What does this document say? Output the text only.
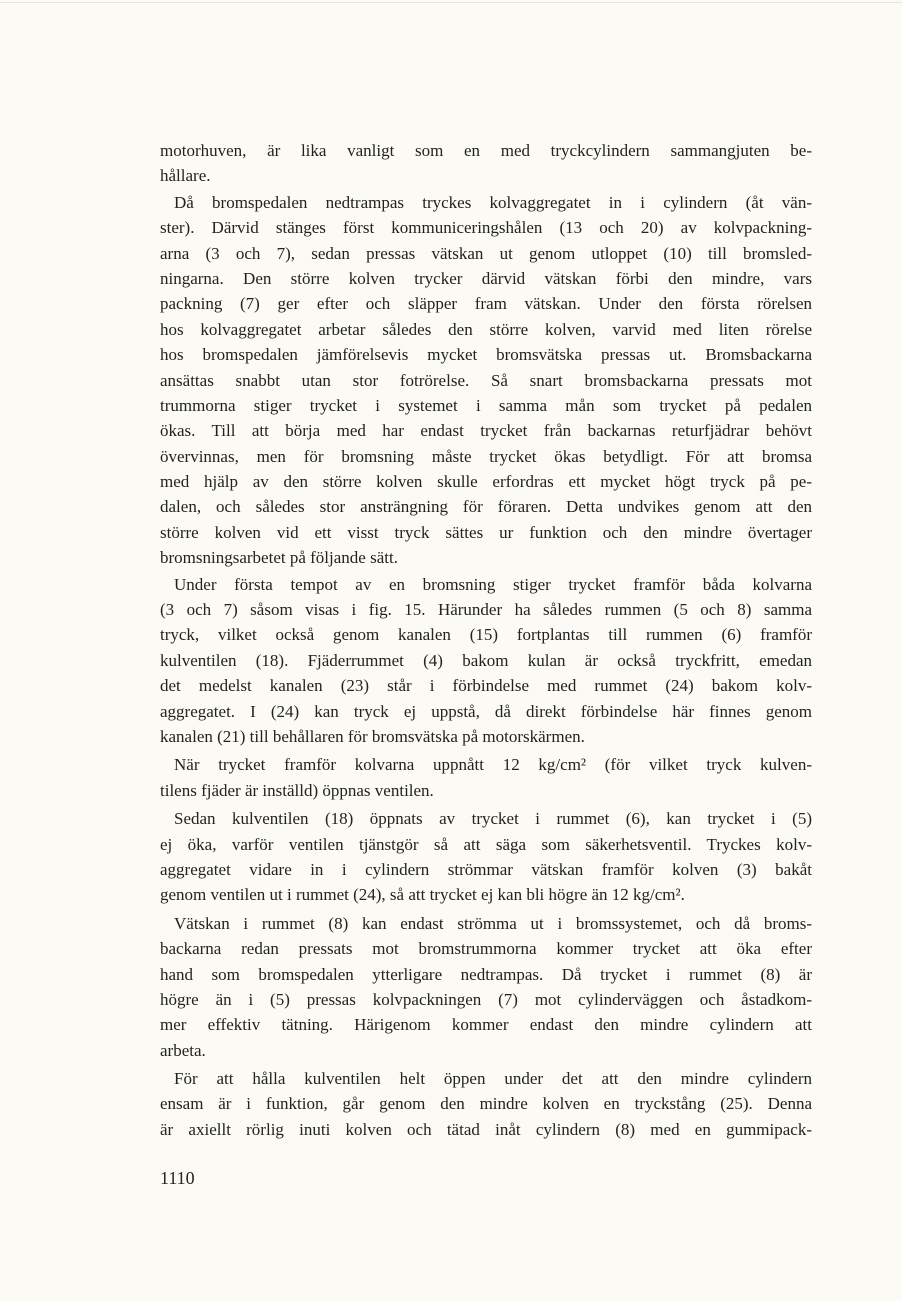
motorhuven, är lika vanligt som en med tryckcylindern sammangjuten be-
hållare.
Då bromspedalen nedtrampas tryckes kolvaggregatet in i cylindern (åt vän-
ster). Därvid stänges först kommuniceringshålen (13 och 20) av kolvpackning-
arna (3 och 7), sedan pressas vätskan ut genom utloppet (10) till bromsled-
ningarna. Den större kolven trycker därvid vätskan förbi den mindre, vars
packning (7) ger efter och släpper fram vätskan. Under den första rörelsen
hos kolvaggregatet arbetar således den större kolven, varvid med liten rörelse
hos bromspedalen jämförelsevis mycket bromsvätska pressas ut. Bromsbackarna
ansättas snabbt utan stor fotrörelse. Så snart bromsbackarna pressats mot
trummorna stiger trycket i systemet i samma mån som trycket på pedalen
ökas. Till att börja med har endast trycket från backarnas returfjädrar behövt
övervinnas, men för bromsning måste trycket ökas betydligt. För att bromsa
med hjälp av den större kolven skulle erfordras ett mycket högt tryck på pe-
dalen, och således stor ansträngning för föraren. Detta undvikes genom att den
större kolven vid ett visst tryck sättes ur funktion och den mindre övertager
bromsningsarbetet på följande sätt.
Under första tempot av en bromsning stiger trycket framför båda kolvarna
(3 och 7) såsom visas i fig. 15. Härunder ha således rummen (5 och 8) samma
tryck, vilket också genom kanalen (15) fortplantas till rummen (6) framför
kulventilen (18). Fjäderrummet (4) bakom kulan är också tryckfritt, emedan
det medelst kanalen (23) står i förbindelse med rummet (24) bakom kolv-
aggregatet. I (24) kan tryck ej uppstå, då direkt förbindelse här finnes genom
kanalen (21) till behållaren för bromsvätska på motorskärmen.
När trycket framför kolvarna uppnått 12 kg/cm² (för vilket tryck kulven-
tilens fjäder är inställd) öppnas ventilen.
Sedan kulventilen (18) öppnats av trycket i rummet (6), kan trycket i (5)
ej öka, varför ventilen tjänstgör så att säga som säkerhetsventil. Tryckes kolv-
aggregatet vidare in i cylindern strömmar vätskan framför kolven (3) bakåt
genom ventilen ut i rummet (24), så att trycket ej kan bli högre än 12 kg/cm².
Vätskan i rummet (8) kan endast strömma ut i bromssystemet, och då broms-
backarna redan pressats mot bromstrummorna kommer trycket att öka efter
hand som bromspedalen ytterligare nedtrampas. Då trycket i rummet (8) är
högre än i (5) pressas kolvpackningen (7) mot cylinderväggen och åstadkom-
mer effektiv tätning. Härigenom kommer endast den mindre cylindern att
arbeta.
För att hålla kulventilen helt öppen under det att den mindre cylindern
ensam är i funktion, går genom den mindre kolven en tryckstång (25). Denna
är axiellt rörlig inuti kolven och tätad inåt cylindern (8) med en gummipack-
1110
